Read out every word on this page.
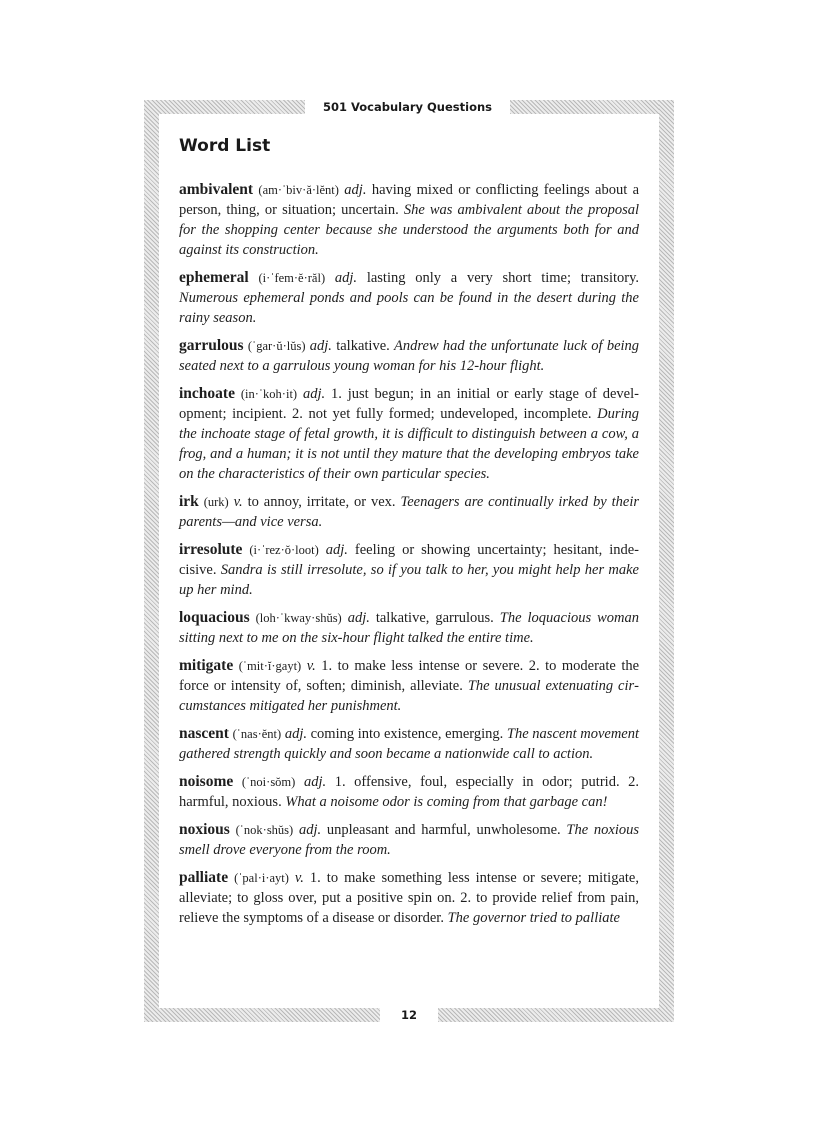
501 Vocabulary Questions
12
Word List

ambivalent (am·ˈbiv·ă·lĕnt) adj. having mixed or conflicting feelings about a person, thing, or situation; uncertain. She was ambivalent about the proposal for the shopping center because she understood the arguments both for and against its construction.

ephemeral (i·ˈfem·ĕ·răl) adj. lasting only a very short time; transitory. Numerous ephemeral ponds and pools can be found in the desert during the rainy season.

garrulous (ˈgar·ŭ·lŭs) adj. talkative. Andrew had the unfortunate luck of being seated next to a garrulous young woman for his 12-hour flight.

inchoate (in·ˈkoh·it) adj. 1. just begun; in an initial or early stage of development; incipient. 2. not yet fully formed; undeveloped, incomplete. During the inchoate stage of fetal growth, it is difficult to distinguish between a cow, a frog, and a human; it is not until they mature that the developing embryos take on the characteristics of their own particular species.

irk (urk) v. to annoy, irritate, or vex. Teenagers are continually irked by their parents—and vice versa.

irresolute (i·ˈrez·ŏ·loot) adj. feeling or showing uncertainty; hesitant, indecisive. Sandra is still irresolute, so if you talk to her, you might help her make up her mind.

loquacious (loh·ˈkway·shŭs) adj. talkative, garrulous. The loquacious woman sitting next to me on the six-hour flight talked the entire time.

mitigate (ˈmit·ĭ·gayt) v. 1. to make less intense or severe. 2. to moderate the force or intensity of, soften; diminish, alleviate. The unusual extenuating circumstances mitigated her punishment.

nascent (ˈnas·ĕnt) adj. coming into existence, emerging. The nascent movement gathered strength quickly and soon became a nationwide call to action.

noisome (ˈnoi·sŏm) adj. 1. offensive, foul, especially in odor; putrid. 2. harmful, noxious. What a noisome odor is coming from that garbage can!

noxious (ˈnok·shŭs) adj. unpleasant and harmful, unwholesome. The noxious smell drove everyone from the room.

palliate (ˈpal·i·ayt) v. 1. to make something less intense or severe; mitigate, alleviate; to gloss over, put a positive spin on. 2. to provide relief from pain, relieve the symptoms of a disease or disorder. The governor tried to palliate
